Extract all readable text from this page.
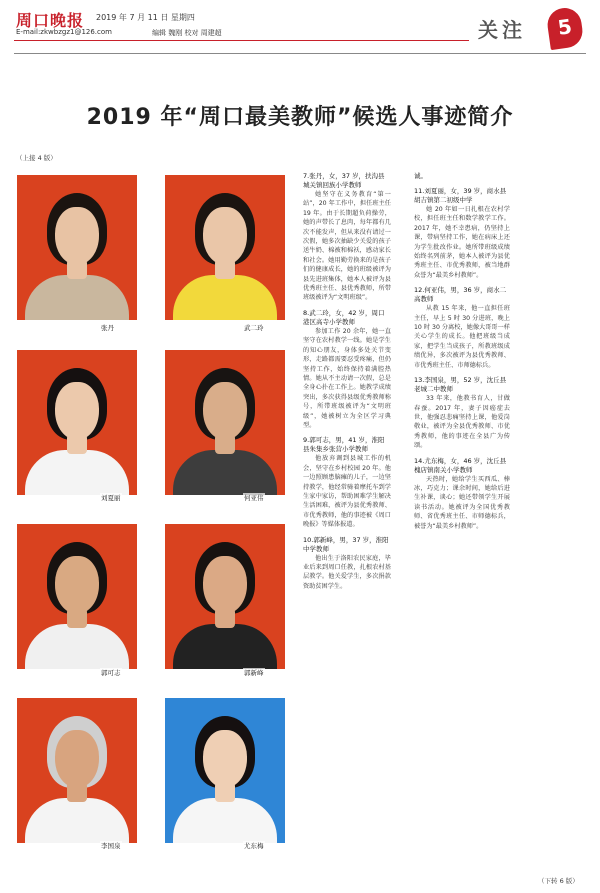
周口晚报 2019 年 7 月 11 日 星期四
E-mail:zkwbzgz1@126.com	编辑 魏刚 校对 周建超	关注	5
2019 年“周口最美教师”候选人事迹简介
（上接 4 版）
张丹	武二玲
刘夏丽	何亚伟
郭可志	郭新峰
李国泉	尤东梅
7.张丹，女，37 岁，扶沟县城关镇回族小学教师
她坚守在义务教育“第一站”，20 年工作中，担任班主任 19 年。由于长期超负荷操劳，她的声带长了息肉，每年都有几次不能发声，但从来没有请过一次假，她多次抽缺少关爱的孩子送牛奶、棉被和棉袄，感动家长和社会。她用勤劳换来的是孩子们的健康成长，她的班级被评为县先进班集体，她本人被评为县优秀班主任、县优秀教师，所带班级被评为“文明班级”。
8.武二玲，女，42 岁，周口港区高寺小学教师
参加工作 20 余年，她一直坚守在农村教学一线。她是学生的知心朋友，身体多处关节变形，走路都需要忍受疼痛，但仍坚持工作，始终保持着满腔热情。她从不主动请一次假，总是全身心扑在工作上。她教学成绩突出，多次获得县级优秀教师称号，所带班级被评为“文明班级”，她被树立为全区学习典型。
9.郭可志，男，41 岁，淮阳县朱集乡张营小学教师
他放弃调到县城工作的机会，坚守在乡村校园 20 年。他一边照顾患脑瘫的儿子，一边坚持教学，他经常骑着摩托车到学生家中家访，帮助困难学生解决生活困难，被评为县优秀教师、市优秀教师，他的事迹被《周口晚报》等媒体报道。
10.郭新峰，男，37 岁，淮阳中学教师
他出生于洛阳农民家庭，毕业后来到周口任教，扎根农村基层教学。他关爱学生，多次捐款资助贫困学生。
诚。
11.刘夏丽，女，39 岁，商水县胡吉镇第二初级中学
她 20 年如一日扎根在农村学校，担任班主任和数学教学工作。2017 年，她不幸患病，仍坚持上课，带病坚持工作，她在病床上还为学生批改作业。她所带班级成绩始终名列前茅，她本人被评为县优秀班主任、市优秀教师，被当地群众誉为“最美乡村教师”。
12.何亚伟，男，36 岁，商水二高教师
从教 15 年来，他一直担任班主任，早上 5 时 30 分进班，晚上 10 时 30 分离校，她像大哥哥一样关心学生的成长。他把班级当成家，把学生当成孩子，所教班级成绩优异，多次被评为县优秀教师、市优秀班主任、市师德标兵。
13.李国泉，男，52 岁，沈丘县老城二中教师
33 年来，他教书育人，甘做春蚕。2017 年，妻子因癌症去世，他强忍悲痛坚持上课，他爱岗敬业，被评为全县优秀教师、市优秀教师，他的事迹在全县广为传颂。
14.尤东梅，女，46 岁，沈丘县槐店镇南关小学教师
天热时，她给学生买西瓜、棒冰，巧克力；课余时间，她给后进生补课，谈心；她还带领学生开展读书活动。她被评为全国优秀教师、省优秀班主任、市师德标兵，被誉为“最美乡村教师”。
（下转 6 版）
